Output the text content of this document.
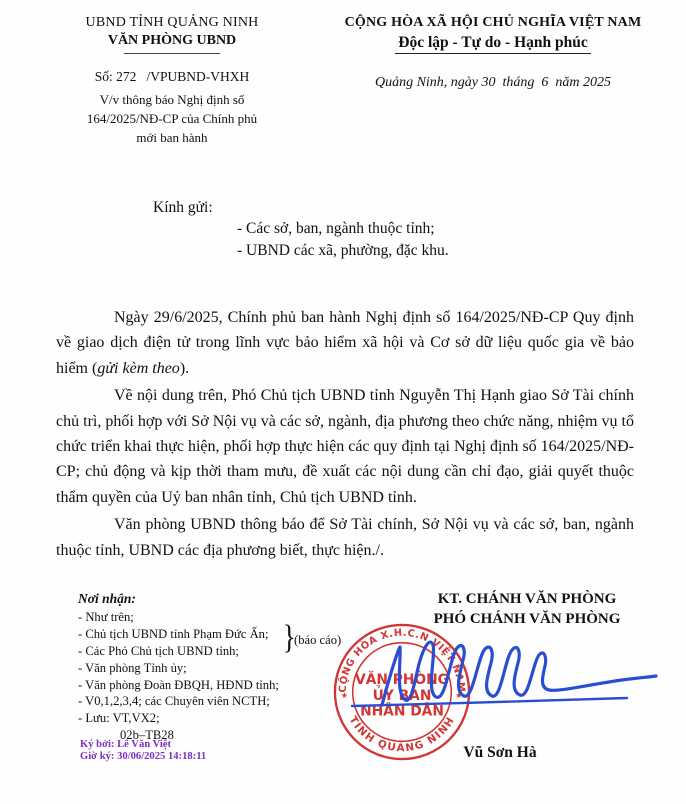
UBND TỈNH QUẢNG NINH
VĂN PHÒNG UBND
Số: 272   /VPUBND-VHXH
V/v thông báo Nghị định số
164/2025/NĐ-CP của Chính phủ
mới ban hành
CỘNG HÒA XÃ HỘI CHỦ NGHĨA VIỆT NAM
Độc lập - Tự do - Hạnh phúc
Quảng Ninh, ngày 30  tháng  6  năm 2025
Kính gửi:
- Các sở, ban, ngành thuộc tỉnh;
- UBND các xã, phường, đặc khu.

Ngày 29/6/2025, Chính phủ ban hành Nghị định số 164/2025/NĐ-CP Quy định về giao dịch điện tử trong lĩnh vực bảo hiểm xã hội và Cơ sở dữ liệu quốc gia về bảo hiểm (gửi kèm theo).

Về nội dung trên, Phó Chủ tịch UBND tỉnh Nguyễn Thị Hạnh giao Sở Tài chính chủ trì, phối hợp với Sở Nội vụ và các sở, ngành, địa phương theo chức năng, nhiệm vụ tổ chức triển khai thực hiện, phối hợp thực hiện các quy định tại Nghị định số 164/2025/NĐ-CP; chủ động và kịp thời tham mưu, đề xuất các nội dung cần chỉ đạo, giải quyết thuộc thẩm quyền của Uỷ ban nhân tỉnh, Chủ tịch UBND tỉnh.

Văn phòng UBND thông báo để Sở Tài chính, Sở Nội vụ và các sở, ban, ngành thuộc tỉnh, UBND các địa phương biết, thực hiện./.

Nơi nhận:
- Như trên;
- Chủ tịch UBND tỉnh Phạm Đức Ấn;
- Các Phó Chủ tịch UBND tỉnh;
- Văn phòng Tỉnh ủy;
- Văn phòng Đoàn ĐBQH, HĐND tỉnh;
- V0,1,2,3,4; các Chuyên viên NCTH;
- Lưu: VT,VX2;
02b–TB28
}
(báo cáo)
Ký bởi: Lê Văn Việt
Giờ ký: 30/06/2025 14:18:11
KT. CHÁNH VĂN PHÒNG
PHÓ CHÁNH VĂN PHÒNG
Vũ Sơn Hà
CỘNG HÒA X.H.C.N VIỆT NAM
TỈNH QUẢNG NINH
★	★
VĂN PHÒNG
ỦY BAN
NHÂN DÂN
